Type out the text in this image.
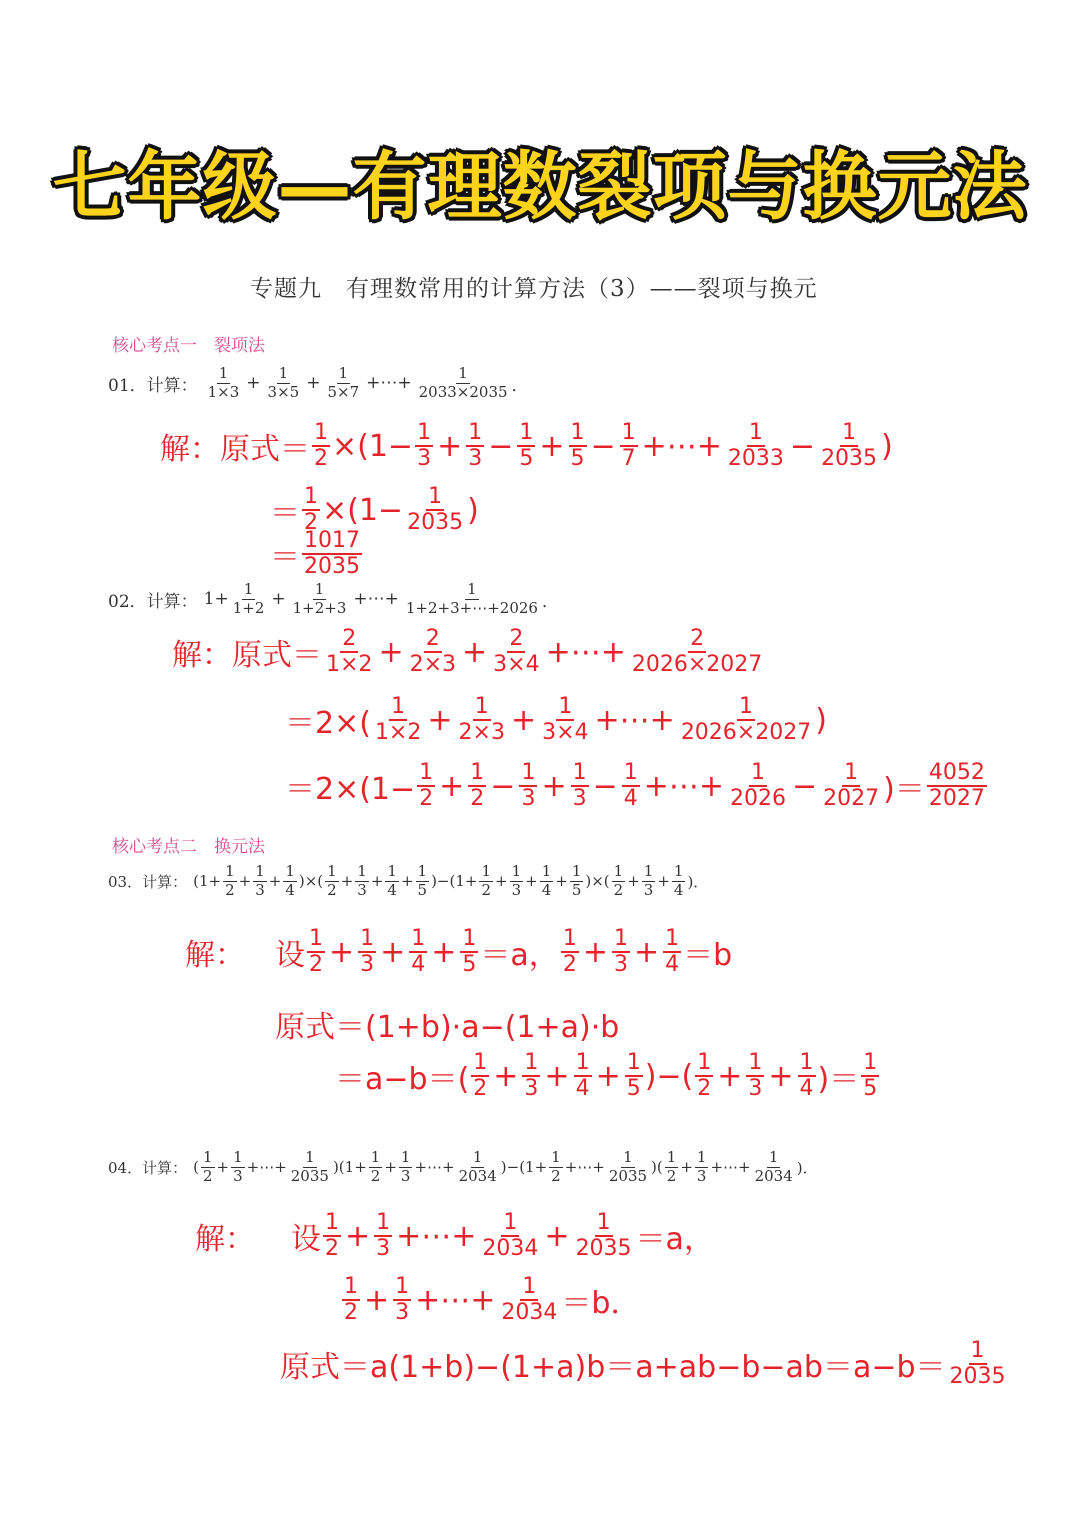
七年级—有理数裂项与换元法
专题九　有理数常用的计算方法（3）——裂项与换元
核心考点一　裂项法
01．计算： $\frac{1}{1\times 3} + \frac{1}{3\times 5} + \frac{1}{5\times 7}$ +⋯+ $\frac{1}{2033\times 2035}$ ．
解：原式＝ $\frac{1}{2} \times(1- \frac{1}{3} + \frac{1}{3} - \frac{1}{5} + \frac{1}{5} - \frac{1}{7}$ +⋯+ $\frac{1}{2033} - \frac{1}{2035}$ )
＝ $\frac{1}{2} \times(1- \frac{1}{2035}$ )
＝ $\frac{1017}{2035}$
02．计算： $1+ \frac{1}{1+2} + \frac{1}{1+2+3}$ +⋯+ $\frac{1}{1+2+3+\cdots+2026}$ ．
解：原式＝ $\frac{2}{1\times 2} + \frac{2}{2\times 3} + \frac{2}{3\times 4}$ +⋯+ $\frac{2}{2026\times 2027}$
$=2\times( \frac{1}{1\times 2} + \frac{1}{2\times 3} + \frac{1}{3\times 4}$ +⋯+ $\frac{1}{2026\times 2027}$ )
$=2\times(1- \frac{1}{2} + \frac{1}{2} - \frac{1}{3} + \frac{1}{3} - \frac{1}{4}$ +⋯+ $\frac{1}{2026} - \frac{1}{2027}$ )＝ $\frac{4052}{2027}$
核心考点二　换元法
03．计算： ($1+ \frac{1}{2} + \frac{1}{3} + \frac{1}{4}$ )×( $\frac{1}{2} + \frac{1}{3} + \frac{1}{4} + \frac{1}{5} )-(1+ \frac{1}{2} + \frac{1}{3} + \frac{1}{4} + \frac{1}{5}$ )×( $\frac{1}{2} + \frac{1}{3} + \frac{1}{4}$ )．
解： 设 $\frac{1}{2} + \frac{1}{3} + \frac{1}{4} + \frac{1}{5} =a$， $\frac{1}{2} + \frac{1}{3} + \frac{1}{4} =b$
原式＝(1+b)·a−(1+a)·b
$=a-b=( \frac{1}{2} + \frac{1}{3} + \frac{1}{4} + \frac{1}{5}$ )−( $\frac{1}{2} + \frac{1}{3} + \frac{1}{4}$ )＝ $\frac{1}{5}$
04．计算： ( $\frac{1}{2} + \frac{1}{3}$ +⋯+ $\frac{1}{2035} )(1+ \frac{1}{2} + \frac{1}{3}$ +⋯+ $\frac{1}{2034} )-(1+ \frac{1}{2}$ +⋯+ $\frac{1}{2035}$ )( $\frac{1}{2} + \frac{1}{3}$ +⋯+ $\frac{1}{2034}$ )．
解： 设 $\frac{1}{2} + \frac{1}{3}$ +⋯+ $\frac{1}{2034} + \frac{1}{2035} =a$，
$\frac{1}{2} + \frac{1}{3}$ +⋯+ $\frac{1}{2034} =b$．
原式$=a(1+b)-(1+a)b=a+ab-b-ab=a-b= \frac{1}{2035}$
